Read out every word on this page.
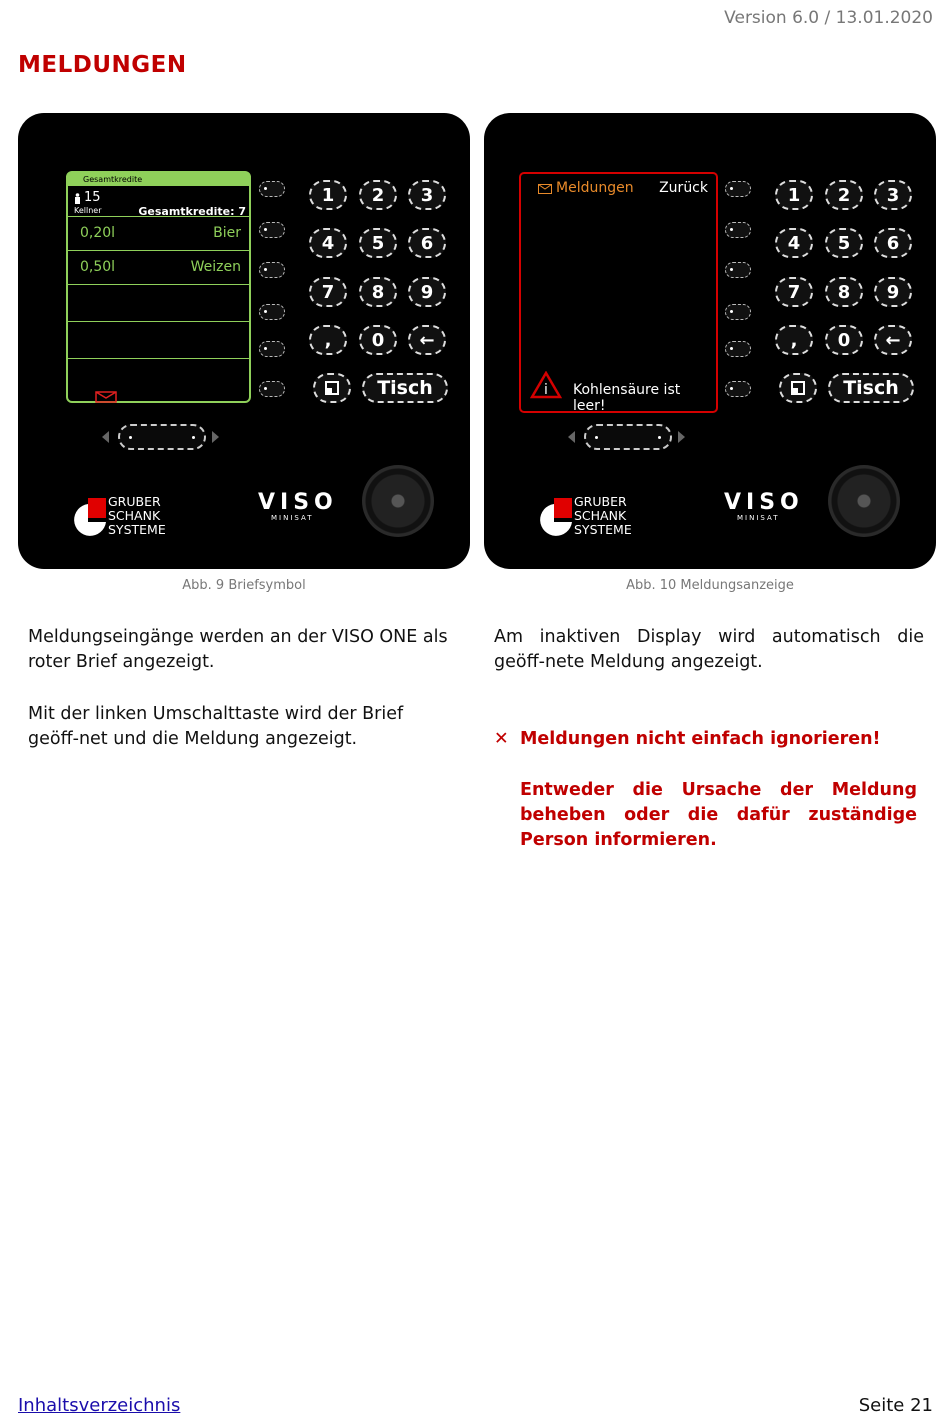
Version 6.0 / 13.01.2020
MELDUNGEN
Gesamtkredite
15
Kellner	Gesamtkredite: 7
0,20l	Bier
0,50l	Weizen
1	2	3
4	5	6
7	8	9
,	0	←
Tisch
GRUBER
SCHANK
SYSTEME
VISO
MINISAT
Abb. 9 Briefsymbol
Meldungen Zurück
i Kohlensäure ist leer!
1	2	3
4	5	6
7	8	9
,	0	←
Tisch
GRUBER
SCHANK
SYSTEME
VISO
MINISAT
Abb. 10 Meldungsanzeige
Meldungseingänge werden an der VISO ONE als roter Brief angezeigt.
Mit der linken Umschalttaste wird der Brief geöff-net und die Meldung angezeigt.
Am inaktiven Display wird automatisch die geöff-nete Meldung angezeigt.
✕ Meldungen nicht einfach ignorieren!
Entweder die Ursache der Meldung beheben oder die dafür zuständige Person informieren.
Inhaltsverzeichnis	Seite 21
